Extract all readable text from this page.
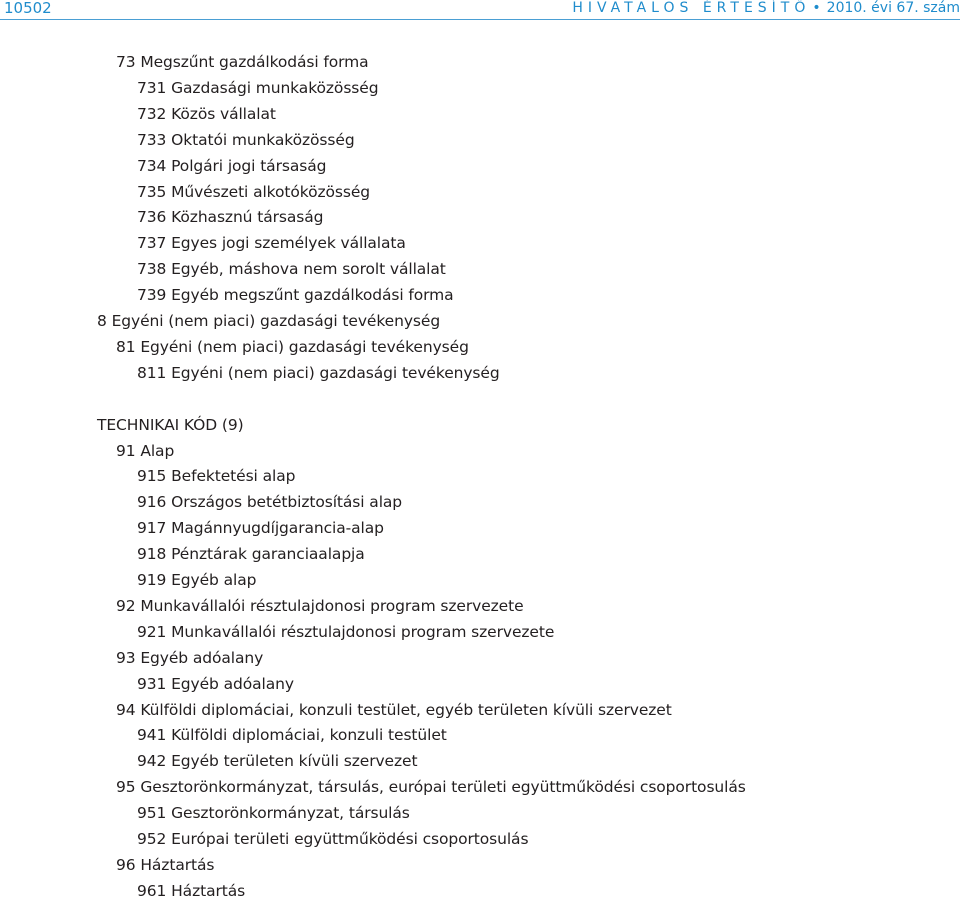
10502	HIVATALOS ÉRTESÍTŐ • 2010. évi 67. szám
73 Megszűnt gazdálkodási forma
731 Gazdasági munkaközösség
732 Közös vállalat
733 Oktatói munkaközösség
734 Polgári jogi társaság
735 Művészeti alkotóközösség
736 Közhasznú társaság
737 Egyes jogi személyek vállalata
738 Egyéb, máshova nem sorolt vállalat
739 Egyéb megszűnt gazdálkodási forma
8 Egyéni (nem piaci) gazdasági tevékenység
81 Egyéni (nem piaci) gazdasági tevékenység
811 Egyéni (nem piaci) gazdasági tevékenység
TECHNIKAI KÓD (9)
91 Alap
915 Befektetési alap
916 Országos betétbiztosítási alap
917 Magánnyugdíjgarancia-alap
918 Pénztárak garanciaalapja
919 Egyéb alap
92 Munkavállalói résztulajdonosi program szervezete
921 Munkavállalói résztulajdonosi program szervezete
93 Egyéb adóalany
931 Egyéb adóalany
94 Külföldi diplomáciai, konzuli testület, egyéb területen kívüli szervezet
941 Külföldi diplomáciai, konzuli testület
942 Egyéb területen kívüli szervezet
95 Gesztorönkormányzat, társulás, európai területi együttműködési csoportosulás
951 Gesztorönkormányzat, társulás
952 Európai területi együttműködési csoportosulás
96 Háztartás
961 Háztartás
